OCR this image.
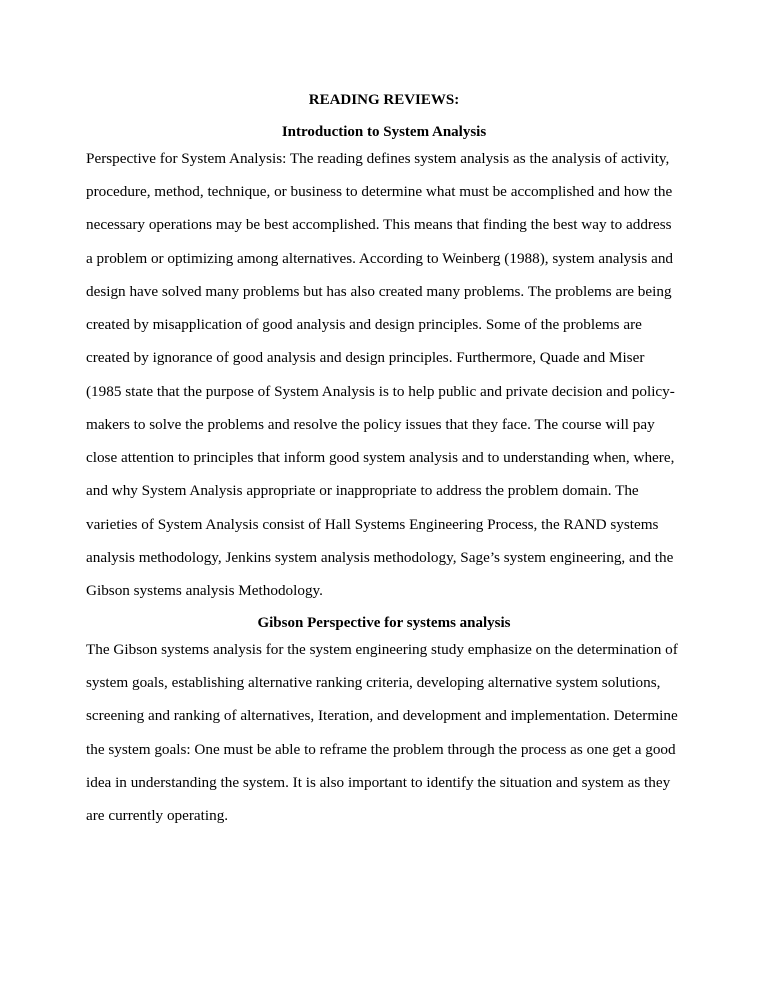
READING REVIEWS:
Introduction to System Analysis
Perspective for System Analysis: The reading defines system analysis as the analysis of activity,
procedure, method, technique, or business to determine what must be accomplished and how the
necessary operations may be best accomplished. This means that finding the best way to address
a problem or optimizing among alternatives. According to Weinberg (1988), system analysis and
design have solved many problems but has also created many problems. The problems are being
created by misapplication of good analysis and design principles. Some of the problems are
created by ignorance of good analysis and design principles. Furthermore, Quade and Miser
(1985 state that the purpose of System Analysis is to help public and private decision and policy-
makers to solve the problems and resolve the policy issues that they face. The course will pay
close attention to principles that inform good system analysis and to understanding when, where,
and why System Analysis appropriate or inappropriate to address the problem domain. The
varieties of System Analysis consist of Hall Systems Engineering Process, the RAND systems
analysis methodology, Jenkins system analysis methodology, Sage’s system engineering, and the
Gibson systems analysis Methodology.
Gibson Perspective for systems analysis
The Gibson systems analysis for the system engineering study emphasize on the determination of
system goals, establishing alternative ranking criteria, developing alternative system solutions,
screening and ranking of alternatives, Iteration, and development and implementation. Determine
the system goals: One must be able to reframe the problem through the process as one get a good
idea in understanding the system. It is also important to identify the situation and system as they
are currently operating.
